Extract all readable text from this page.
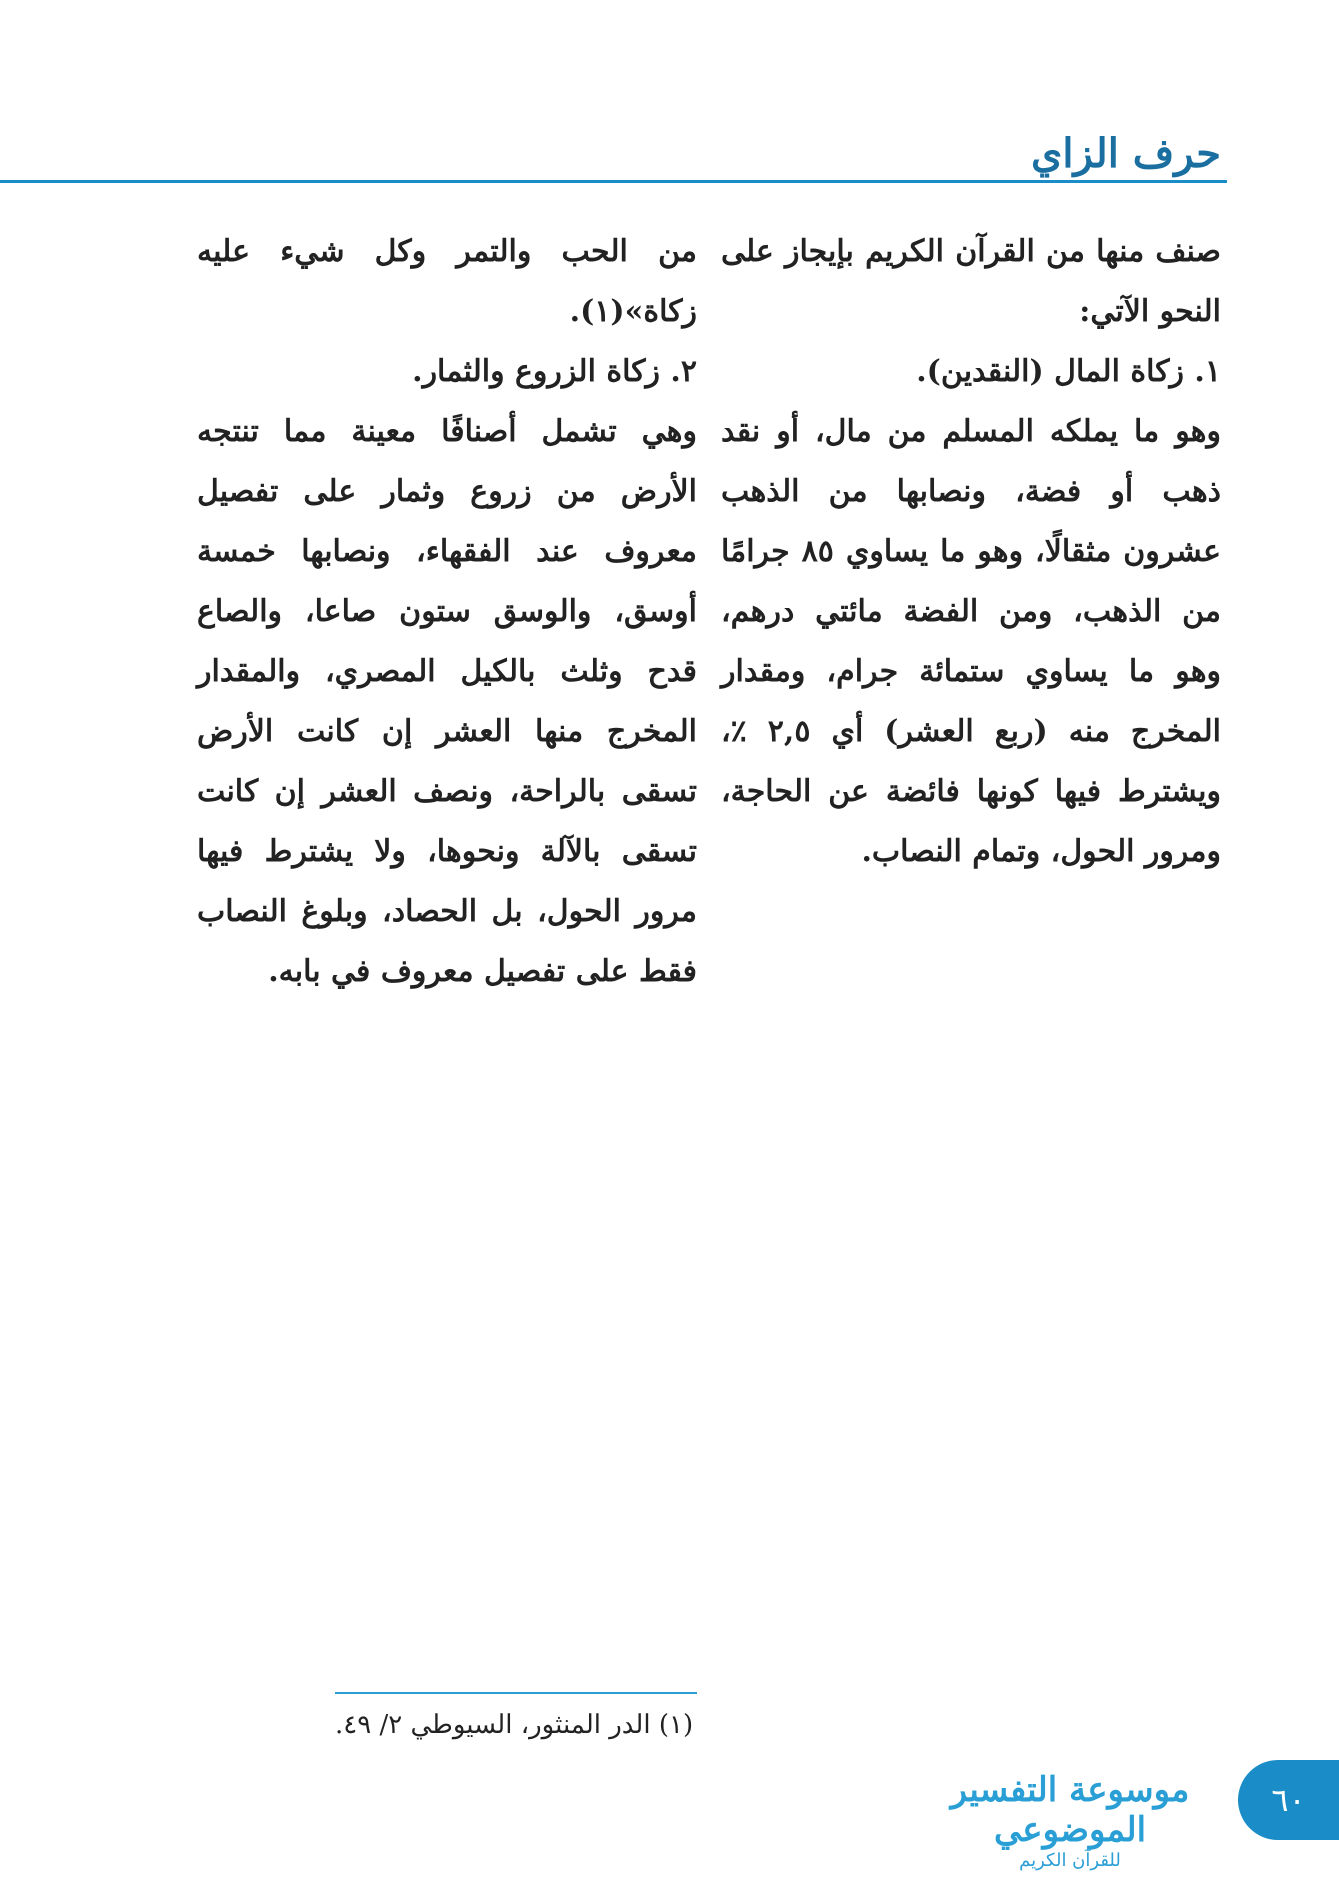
حرف الزاي

صنف منها من القرآن الكريم بإيجاز على النحو الآتي:

١. زكاة المال (النقدين).

وهو ما يملكه المسلم من مال، أو نقد ذهب أو فضة، ونصابها من الذهب عشرون مثقالًا، وهو ما يساوي ٨٥ جرامًا من الذهب، ومن الفضة مائتي درهم، وهو ما يساوي ستمائة جرام، ومقدار المخرج منه (ربع العشر) أي ٢,٥ ٪، ويشترط فيها كونها فائضة عن الحاجة، ومرور الحول، وتمام النصاب.

من الحب والتمر وكل شيء عليه زكاة»(١).

٢. زكاة الزروع والثمار.

وهي تشمل أصنافًا معينة مما تنتجه الأرض من زروع وثمار على تفصيل معروف عند الفقهاء، ونصابها خمسة أوسق، والوسق ستون صاعا، والصاع قدح وثلث بالكيل المصري، والمقدار المخرج منها العشر إن كانت الأرض تسقى بالراحة، ونصف العشر إن كانت تسقى بالآلة ونحوها، ولا يشترط فيها مرور الحول، بل الحصاد، وبلوغ النصاب فقط على تفصيل معروف في بابه.

(١) الدر المنثور، السيوطي ٢/ ٤٩.
موسوعة التفسير الموضوعي
للقرآن الكريم
٦٠
